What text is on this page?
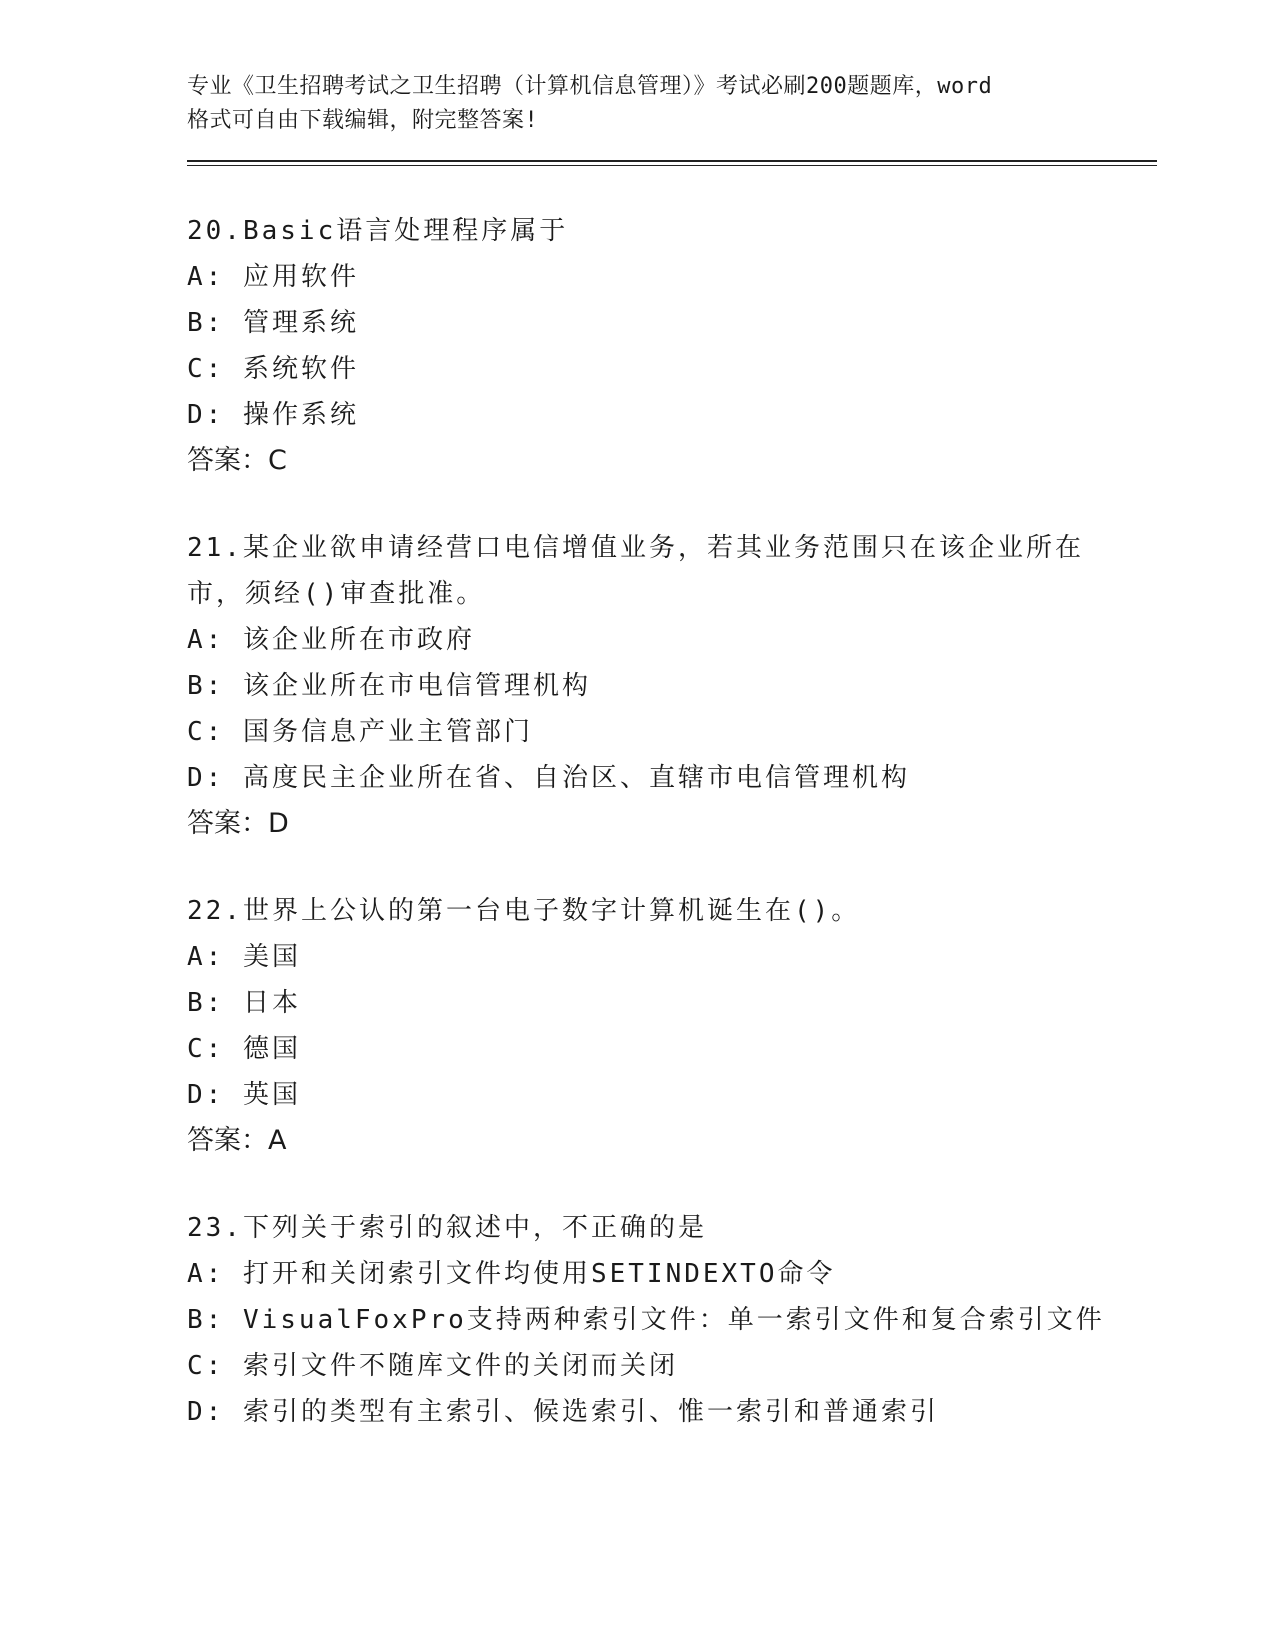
专业《卫生招聘考试之卫生招聘（计算机信息管理）》考试必刷200题题库，word
格式可自由下载编辑，附完整答案!
20.Basic语言处理程序属于
A: 应用软件
B: 管理系统
C: 系统软件
D: 操作系统
答案：C
21.某企业欲申请经营口电信增值业务，若其业务范围只在该企业所在市，须经()审查批准。
A: 该企业所在市政府
B: 该企业所在市电信管理机构
C: 国务信息产业主管部门
D: 高度民主企业所在省、自治区、直辖市电信管理机构
答案：D
22.世界上公认的第一台电子数字计算机诞生在()。
A: 美国
B: 日本
C: 德国
D: 英国
答案：A
23.下列关于索引的叙述中，不正确的是
A: 打开和关闭索引文件均使用SETINDEXTO命令
B: VisualFoxPro支持两种索引文件：单一索引文件和复合索引文件
C: 索引文件不随库文件的关闭而关闭
D: 索引的类型有主索引、候选索引、惟一索引和普通索引
